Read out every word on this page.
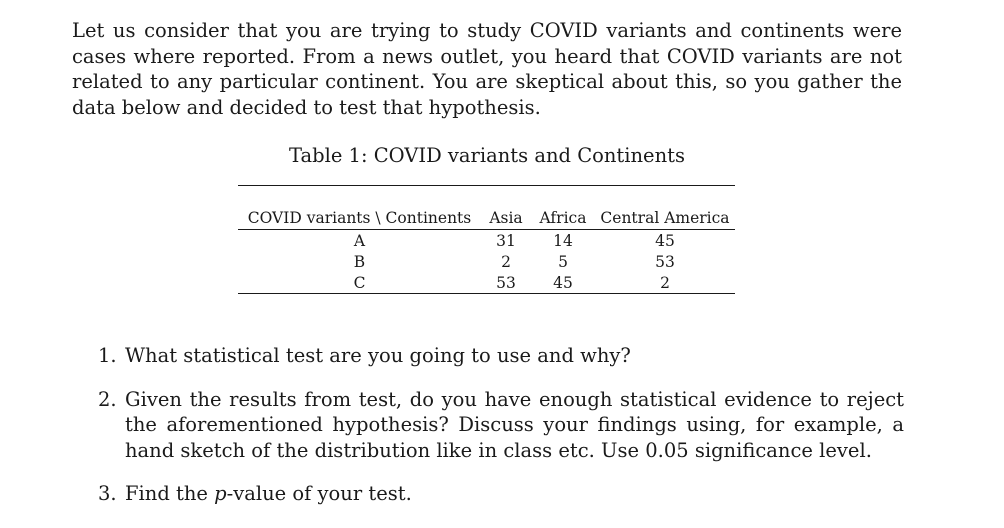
Let us consider that you are trying to study COVID variants and continents were cases where reported. From a news outlet, you heard that COVID variants are not related to any particular continent. You are skeptical about this, so you gather the data below and decided to test that hypothesis.

Table 1: COVID variants and Continents

COVID variants \ Continents	Asia	Africa	Central America
A	31	14	45
B	2	5	53
C	53	45	2
1. What statistical test are you going to use and why?
2. Given the results from test, do you have enough statistical evidence to reject the aforementioned hypothesis? Discuss your findings using, for example, a hand sketch of the distribution like in class etc. Use 0.05 significance level.
3. Find the p-value of your test.
